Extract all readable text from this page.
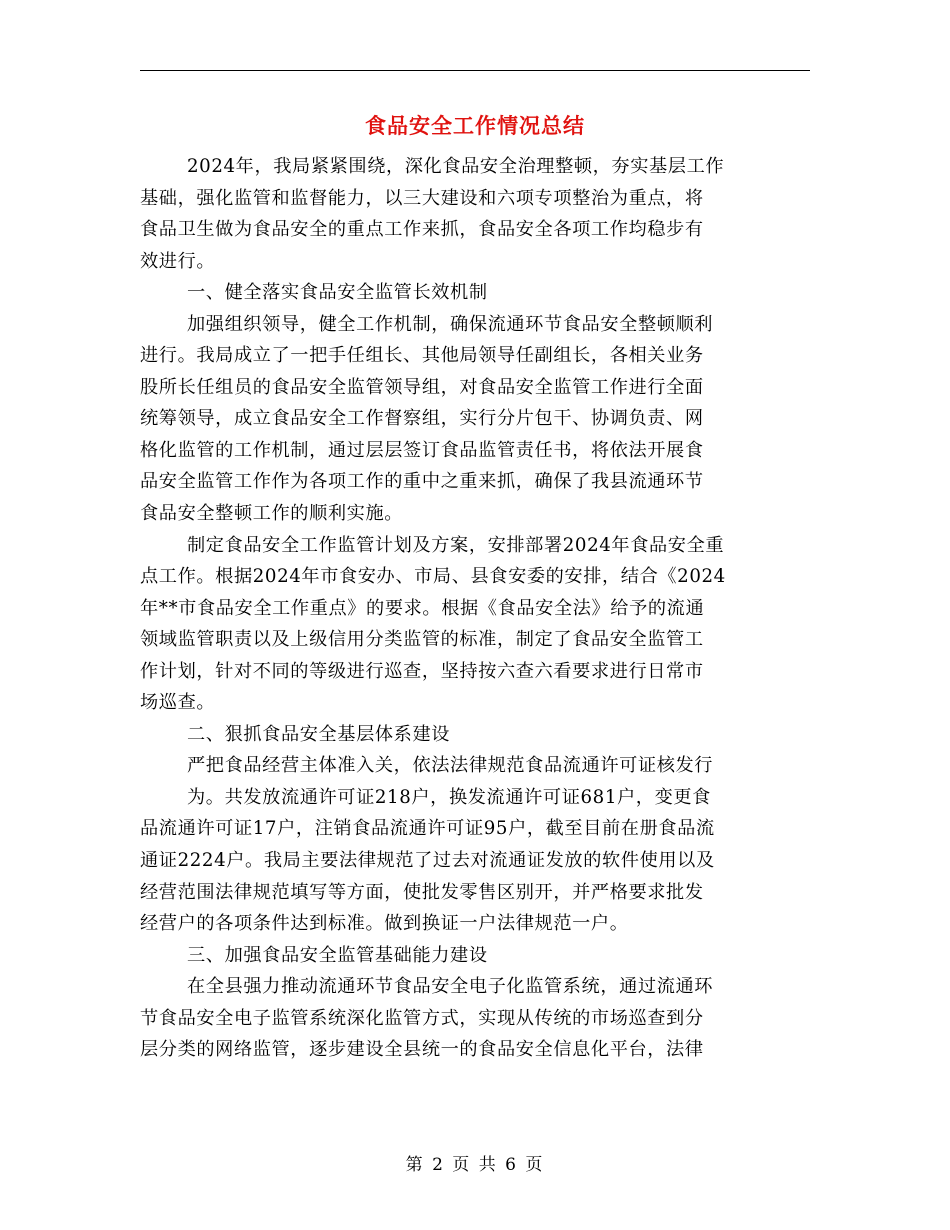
食品安全工作情况总结
2024年，我局紧紧围绕，深化食品安全治理整顿，夯实基层工作
基础，强化监管和监督能力，以三大建设和六项专项整治为重点，将
食品卫生做为食品安全的重点工作来抓，食品安全各项工作均稳步有
效进行。
一、健全落实食品安全监管长效机制
加强组织领导，健全工作机制，确保流通环节食品安全整顿顺利
进行。我局成立了一把手任组长、其他局领导任副组长，各相关业务
股所长任组员的食品安全监管领导组，对食品安全监管工作进行全面
统筹领导，成立食品安全工作督察组，实行分片包干、协调负责、网
格化监管的工作机制，通过层层签订食品监管责任书，将依法开展食
品安全监管工作作为各项工作的重中之重来抓，确保了我县流通环节
食品安全整顿工作的顺利实施。
制定食品安全工作监管计划及方案，安排部署2024年食品安全重
点工作。根据2024年市食安办、市局、县食安委的安排，结合《2024
年**市食品安全工作重点》的要求。根据《食品安全法》给予的流通
领域监管职责以及上级信用分类监管的标准，制定了食品安全监管工
作计划，针对不同的等级进行巡查，坚持按六查六看要求进行日常市
场巡查。
二、狠抓食品安全基层体系建设
严把食品经营主体准入关，依法法律规范食品流通许可证核发行
为。共发放流通许可证218户，换发流通许可证681户，变更食
品流通许可证17户，注销食品流通许可证95户，截至目前在册食品流
通证2224户。我局主要法律规范了过去对流通证发放的软件使用以及
经营范围法律规范填写等方面，使批发零售区别开，并严格要求批发
经营户的各项条件达到标准。做到换证一户法律规范一户。
三、加强食品安全监管基础能力建设
在全县强力推动流通环节食品安全电子化监管系统，通过流通环
节食品安全电子监管系统深化监管方式，实现从传统的市场巡查到分
层分类的网络监管，逐步建设全县统一的食品安全信息化平台，法律
第 2 页 共 6 页
